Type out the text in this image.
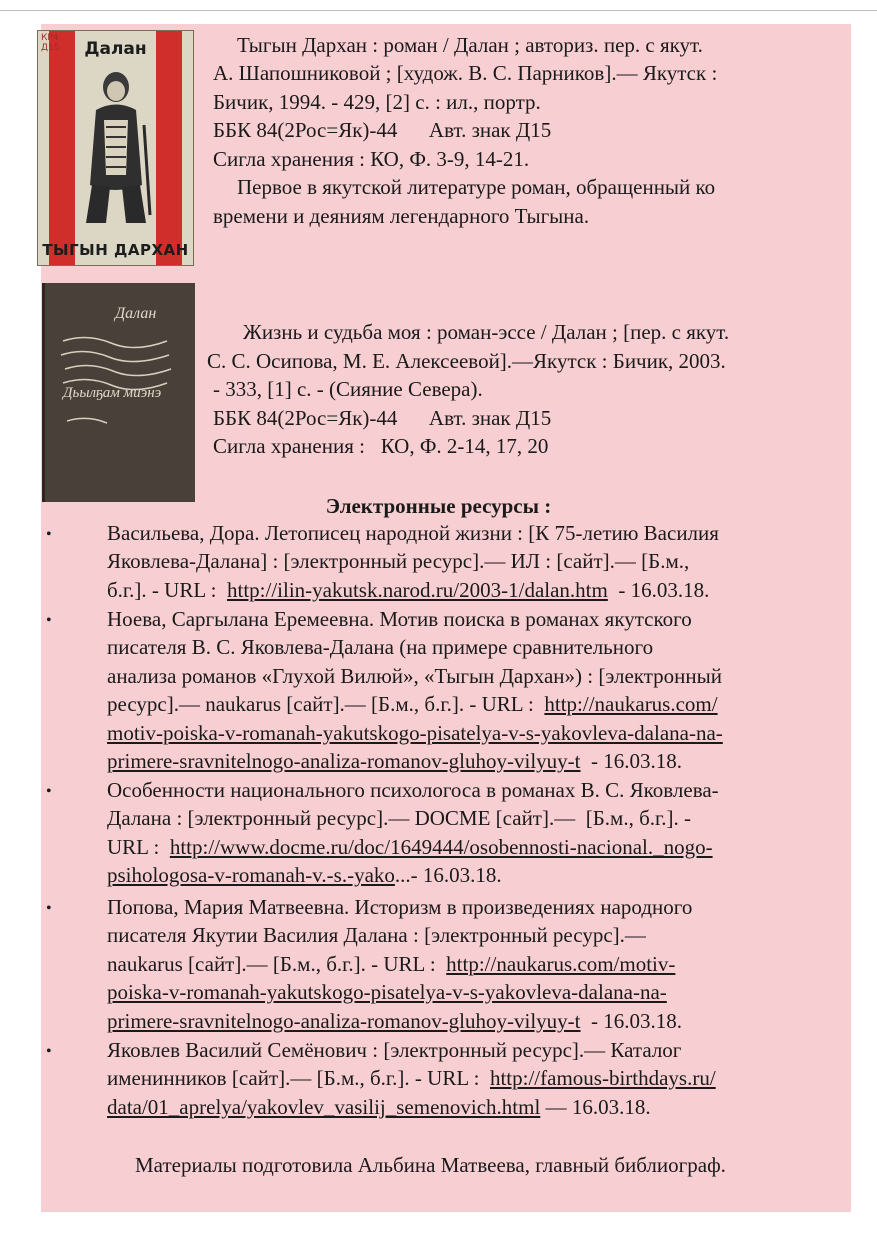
КР4
Д15	Далан
ТЫГЫН ДАРХАН
Тыгын Дархан : роман / Далан ; авториз. пер. с якут.
А. Шапошниковой ; [худож. В. С. Парников].— Якутск :
Бичик, 1994. - 429, [2] с. : ил., портр.
ББК 84(2Рос=Як)-44      Авт. знак Д15
Сигла хранения : КО, Ф. 3-9, 14-21.
Первое в якутской литературе роман, обращенный ко
времени и деяниям легендарного Тыгына.
Далан
Дьылҕам миэнэ
Жизнь и судьба моя : роман-эссе / Далан ; [пер. с якут.
С. С. Осипова, М. Е. Алексеевой].—Якутск : Бичик, 2003.
- 333, [1] с. - (Сияние Севера).
ББК 84(2Рос=Як)-44      Авт. знак Д15
Сигла хранения :   КО, Ф. 2-14, 17, 20
Электронные ресурсы :
•	Васильева, Дора. Летописец народной жизни : [К 75-летию Василия
Яковлева-Далана] : [электронный ресурс].— ИЛ : [сайт].— [Б.м.,
б.г.]. - URL :  http://ilin-yakutsk.narod.ru/2003-1/dalan.htm  - 16.03.18.
•	Ноева, Саргылана Еремеевна. Мотив поиска в романах якутского
писателя В. С. Яковлева-Далана (на примере сравнительного
анализа романов «Глухой Вилюй», «Тыгын Дархан») : [электронный
ресурс].— naukarus [сайт].— [Б.м., б.г.]. - URL :  http://naukarus.com/
motiv-poiska-v-romanah-yakutskogo-pisatelya-v-s-yakovleva-dalana-na-
primere-sravnitelnogo-analiza-romanov-gluhoy-vilyuy-t  - 16.03.18.
•	Особенности национального психологоса в романах В. С. Яковлева-
Далана : [электронный ресурс].— DOCME [сайт].—  [Б.м., б.г.]. -
URL :  http://www.docme.ru/doc/1649444/osobennosti-nacional._nogo-
psihologosa-v-romanah-v.-s.-yako...- 16.03.18.
•	Попова, Мария Матвеевна. Историзм в произведениях народного
писателя Якутии Василия Далана : [электронный ресурс].—
naukarus [сайт].— [Б.м., б.г.]. - URL :  http://naukarus.com/motiv-
poiska-v-romanah-yakutskogo-pisatelya-v-s-yakovleva-dalana-na-
primere-sravnitelnogo-analiza-romanov-gluhoy-vilyuy-t  - 16.03.18.
•	Яковлев Василий Семёнович : [электронный ресурс].— Каталог
именинников [сайт].— [Б.м., б.г.]. - URL :  http://famous-birthdays.ru/
data/01_aprelya/yakovlev_vasilij_semenovich.html — 16.03.18.
Материалы подготовила Альбина Матвеева, главный библиограф.
